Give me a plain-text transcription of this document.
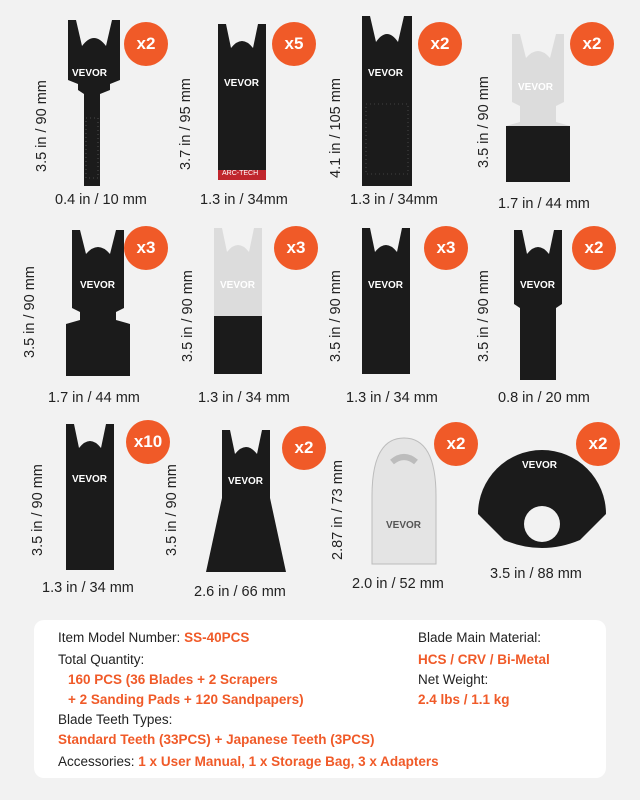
VEVOR
x2
3.5 in / 90 mm
0.4 in / 10 mm
VEVOR
ARC-TECH
x5
3.7 in / 95 mm
1.3 in / 34mm
VEVOR
x2
4.1 in / 105 mm
1.3 in / 34mm
VEVOR
x2
3.5 in / 90 mm
1.7 in / 44 mm
VEVOR
x3
3.5 in / 90 mm
1.7 in / 44 mm
VEVOR
x3
3.5 in / 90 mm
1.3 in / 34 mm
VEVOR
x3
3.5 in / 90 mm
1.3 in / 34 mm
VEVOR
x2
3.5 in / 90 mm
0.8 in / 20 mm
VEVOR
x10
3.5 in / 90 mm
1.3 in / 34 mm
VEVOR
x2
3.5 in / 90 mm
2.6 in / 66 mm
VEVOR
x2
2.87 in / 73 mm
2.0 in / 52 mm
VEVOR
x2
3.5 in / 88 mm
Item Model Number: SS-40PCS
Total Quantity:
160 PCS (36 Blades + 2 Scrapers
+ 2 Sanding Pads + 120 Sandpapers)
Blade Teeth Types:
Standard Teeth (33PCS) + Japanese Teeth (3PCS)
Accessories: 1 x User Manual, 1 x Storage Bag, 3 x Adapters
Blade Main Material:
HCS / CRV / Bi-Metal
Net Weight:
2.4 lbs / 1.1 kg
